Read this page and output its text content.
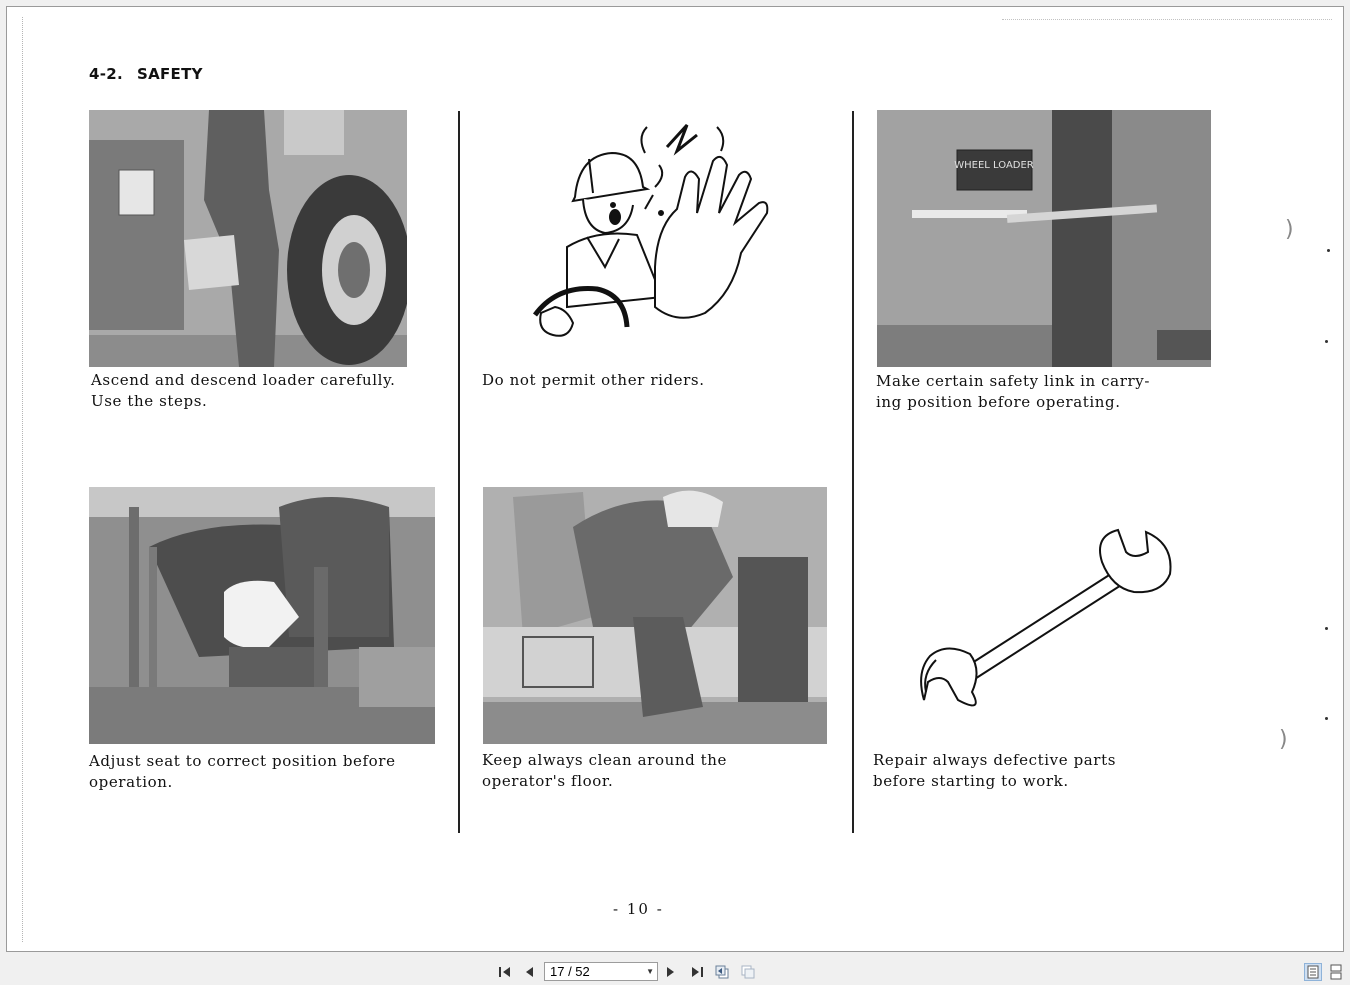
4-2. SAFETY
Ascend and descend loader carefully.
Use the steps.
Do not permit other riders.
WHEEL LOADER
Make certain safety link in carry-
ing position before operating.
Adjust seat to correct position before
operation.
Keep always clean around the
operator's floor.
Repair always defective parts
before starting to work.
- 10 -
)
)
17 / 52	▼
